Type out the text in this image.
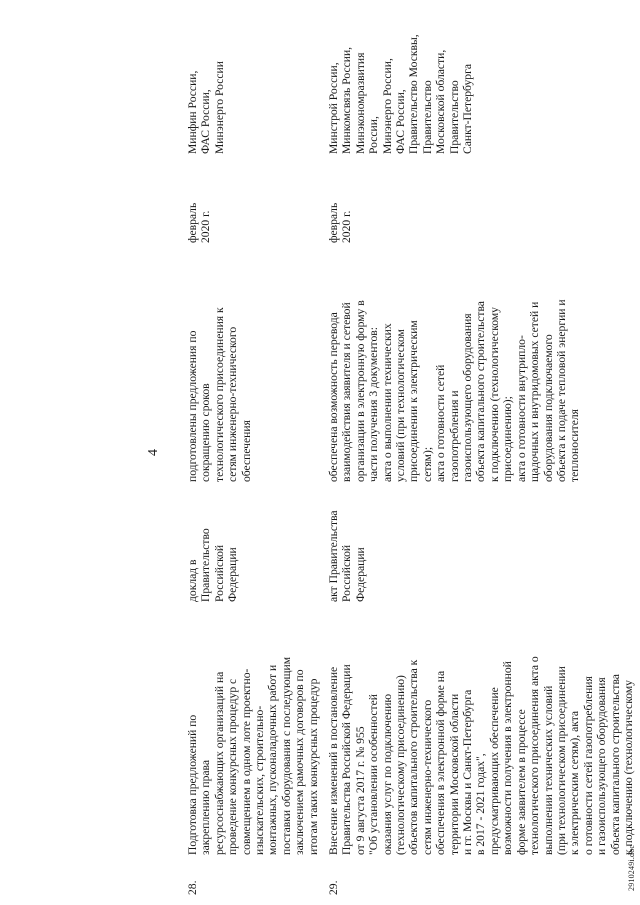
4
28.
Подготовка предложений по закреплению права ресурсоснабжающих организаций на проведение конкурсных процедур с совмещением в одном лоте проектно- изыскательских, строительно- монтажных, пусконаладочных работ и поставки оборудования с последующим заключением рамочных договоров по итогам таких конкурсных процедур
доклад в Правительство Российской Федерации
подготовлены предложения по сокращению сроков технологического присоединения к сетям инженерно-технического обеспечения
февраль 2020 г.
Минфин России, ФАС России, Минэнерго России
29.
Внесение изменений в постановление Правительства Российской Федерации от 9 августа 2017 г. № 955 "Об установлении особенностей оказания услуг по подключению (технологическому присоединению) объектов капитального строительства к сетям инженерно-технического обеспечения в электронной форме на территории Московской области и гг. Москвы и Санкт-Петербурга в 2017 - 2021 годах", предусматривающих обеспечение возможности получения в электронной форме заявителем в процессе технологического присоединения акта о выполнении технических условий (при технологическом присоединении к электрическим сетям), акта о готовности сетей газопотребления и газоиспользующего оборудования объекта капитального строительства к подключению (технологическому
акт Правительства Российской Федерации
обеспечена возможность перевода взаимодействия заявителя и сетевой организации в электронную форму в части получения 3 документов: акта о выполнении технических условий (при технологическом присоединении к электрическим сетям); акта о готовности сетей газопотребления и газоиспользующего оборудования объекта капитального строительства к подключению (технологическому присоединению); акта о готовности внутрипло- щадочных и внутридомовых сетей и оборудования подключаемого объекта к подаче тепловой энергии и теплоносителя
февраль 2020 г.
Минстрой России, Минкомсвязь России, Минэкономразвития России, Минэнерго России, ФАС России, Правительство Москвы, Правительство Московской области, Правительство Санкт-Петербурга
2910249i.doc
